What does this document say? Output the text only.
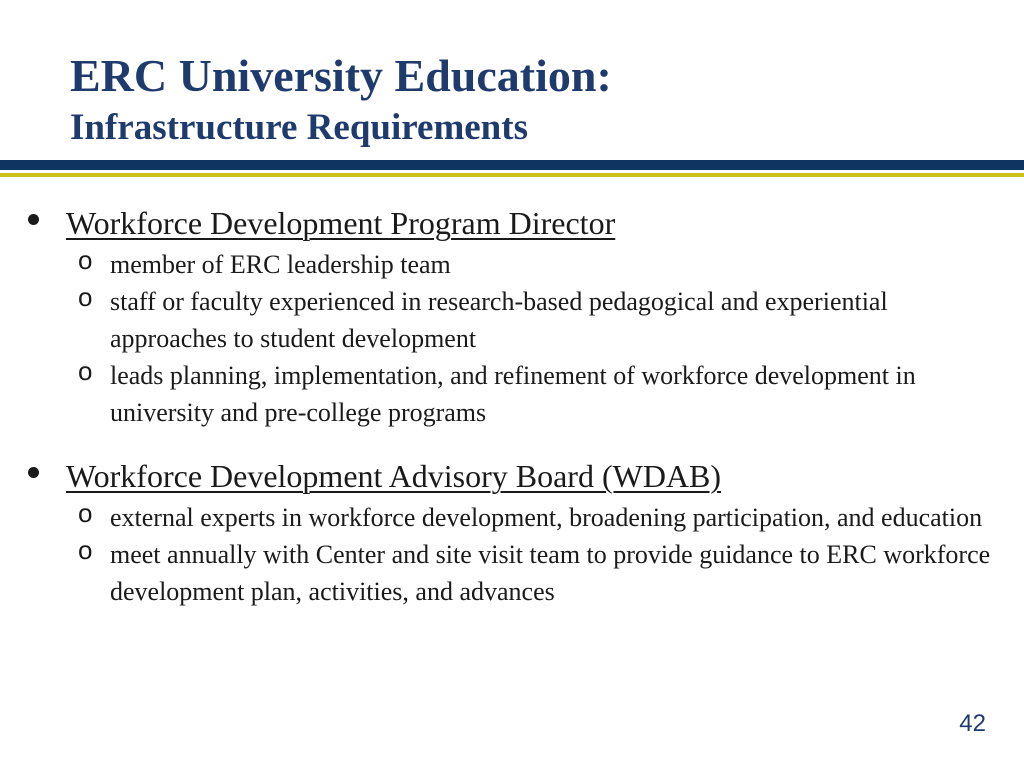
ERC University Education:
Infrastructure Requirements
Workforce Development Program Director
o member of ERC leadership team
o staff or faculty experienced in research-based pedagogical and experiential approaches to student development
o leads planning, implementation, and refinement of workforce development in university and pre-college programs
Workforce Development Advisory Board (WDAB)
o external experts in workforce development, broadening participation, and education
o meet annually with Center and site visit team to provide guidance to ERC workforce development plan, activities, and advances
42
